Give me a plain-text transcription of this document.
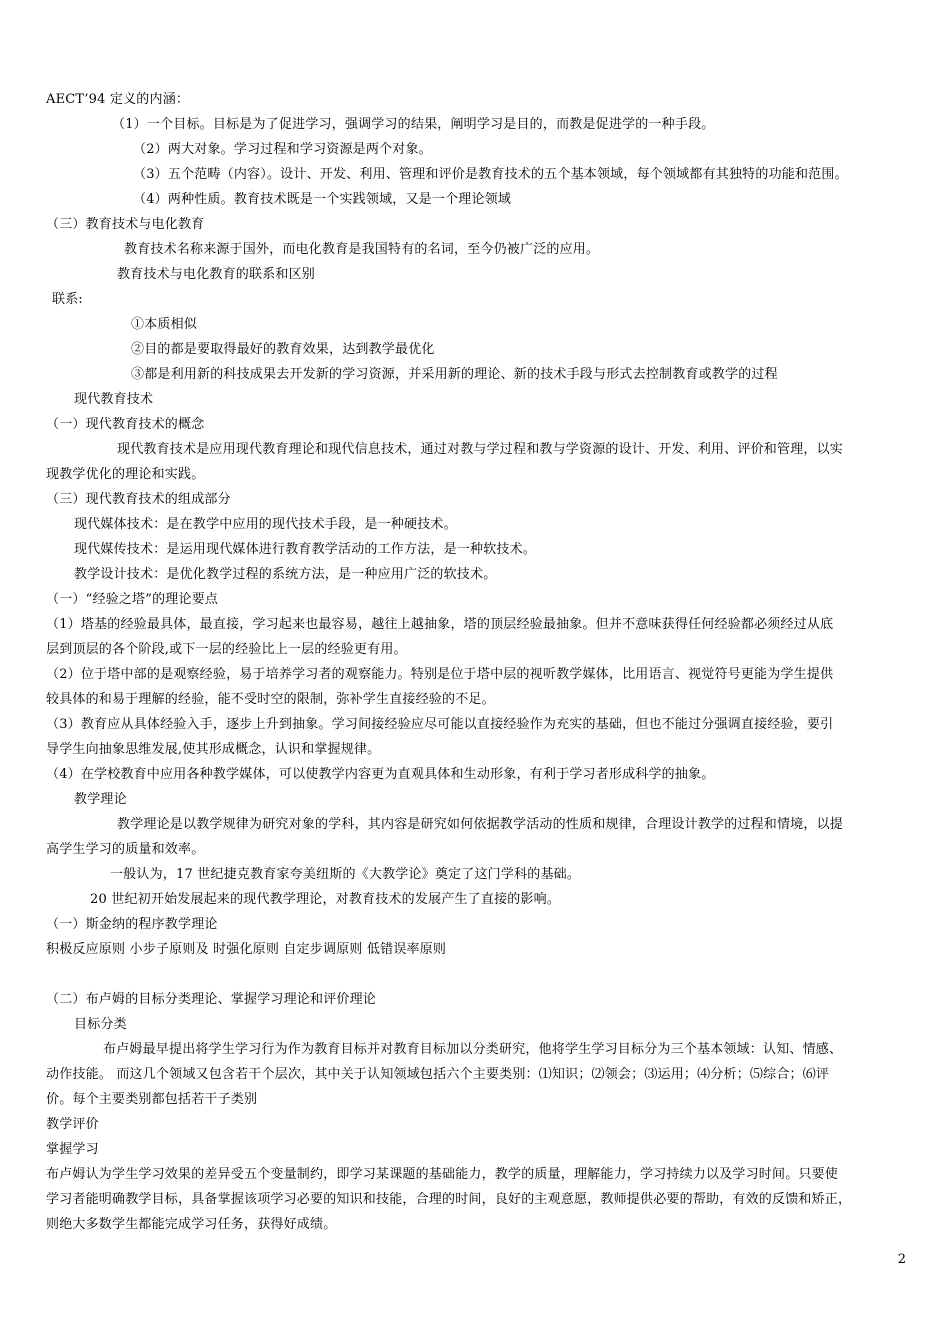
AECT’94 定义的内涵：
（1）一个目标。目标是为了促进学习，强调学习的结果，阐明学习是目的，而教是促进学的一种手段。
（2）两大对象。学习过程和学习资源是两个对象。
（3）五个范畴（内容）。设计、开发、利用、管理和评价是教育技术的五个基本领域，每个领域都有其独特的功能和范围。
（4）两种性质。教育技术既是一个实践领域，又是一个理论领域
（三）教育技术与电化教育
教育技术名称来源于国外，而电化教育是我国特有的名词，至今仍被广泛的应用。
教育技术与电化教育的联系和区别
联系:
①本质相似
②目的都是要取得最好的教育效果，达到教学最优化
③都是利用新的科技成果去开发新的学习资源，并采用新的理论、新的技术手段与形式去控制教育或教学的过程
现代教育技术
（一）现代教育技术的概念
现代教育技术是应用现代教育理论和现代信息技术，通过对教与学过程和教与学资源的设计、开发、利用、评价和管理，以实
现教学优化的理论和实践。
（三）现代教育技术的组成部分
现代媒体技术：是在教学中应用的现代技术手段，是一种硬技术。
现代媒传技术：是运用现代媒体进行教育教学活动的工作方法，是一种软技术。
教学设计技术：是优化教学过程的系统方法，是一种应用广泛的软技术。
（一）“经验之塔”的理论要点
（1）塔基的经验最具体，最直接，学习起来也最容易，越往上越抽象，塔的顶层经验最抽象。但并不意味获得任何经验都必须经过从底
层到顶层的各个阶段,或下一层的经验比上一层的经验更有用。
（2）位于塔中部的是观察经验，易于培养学习者的观察能力。特别是位于塔中层的视听教学媒体，比用语言、视觉符号更能为学生提供
较具体的和易于理解的经验，能不受时空的限制，弥补学生直接经验的不足。
（3）教育应从具体经验入手，逐步上升到抽象。学习间接经验应尽可能以直接经验作为充实的基础，但也不能过分强调直接经验，要引
导学生向抽象思维发展,使其形成概念，认识和掌握规律。
（4）在学校教育中应用各种教学媒体，可以使教学内容更为直观具体和生动形象，有利于学习者形成科学的抽象。
教学理论
教学理论是以教学规律为研究对象的学科，其内容是研究如何依据教学活动的性质和规律，合理设计教学的过程和情境，以提
高学生学习的质量和效率。
一般认为，17 世纪捷克教育家夸美纽斯的《大教学论》奠定了这门学科的基础。
20 世纪初开始发展起来的现代教学理论，对教育技术的发展产生了直接的影响。
（一）斯金纳的程序教学理论
积极反应原则 小步子原则及 时强化原则 自定步调原则 低错误率原则
（二）布卢姆的目标分类理论、掌握学习理论和评价理论
目标分类
布卢姆最早提出将学生学习行为作为教育目标并对教育目标加以分类研究，他将学生学习目标分为三个基本领域：认知、情感、
动作技能。 而这几个领域又包含若干个层次，其中关于认知领域包括六个主要类别：⑴知识；⑵领会；⑶运用；⑷分析；⑸综合；⑹评
价。每个主要类别都包括若干子类别
教学评价
掌握学习
布卢姆认为学生学习效果的差异受五个变量制约，即学习某课题的基础能力，教学的质量，理解能力，学习持续力以及学习时间。只要使
学习者能明确教学目标，具备掌握该项学习必要的知识和技能，合理的时间，良好的主观意愿，教师提供必要的帮助，有效的反馈和矫正，
则绝大多数学生都能完成学习任务，获得好成绩。
2
